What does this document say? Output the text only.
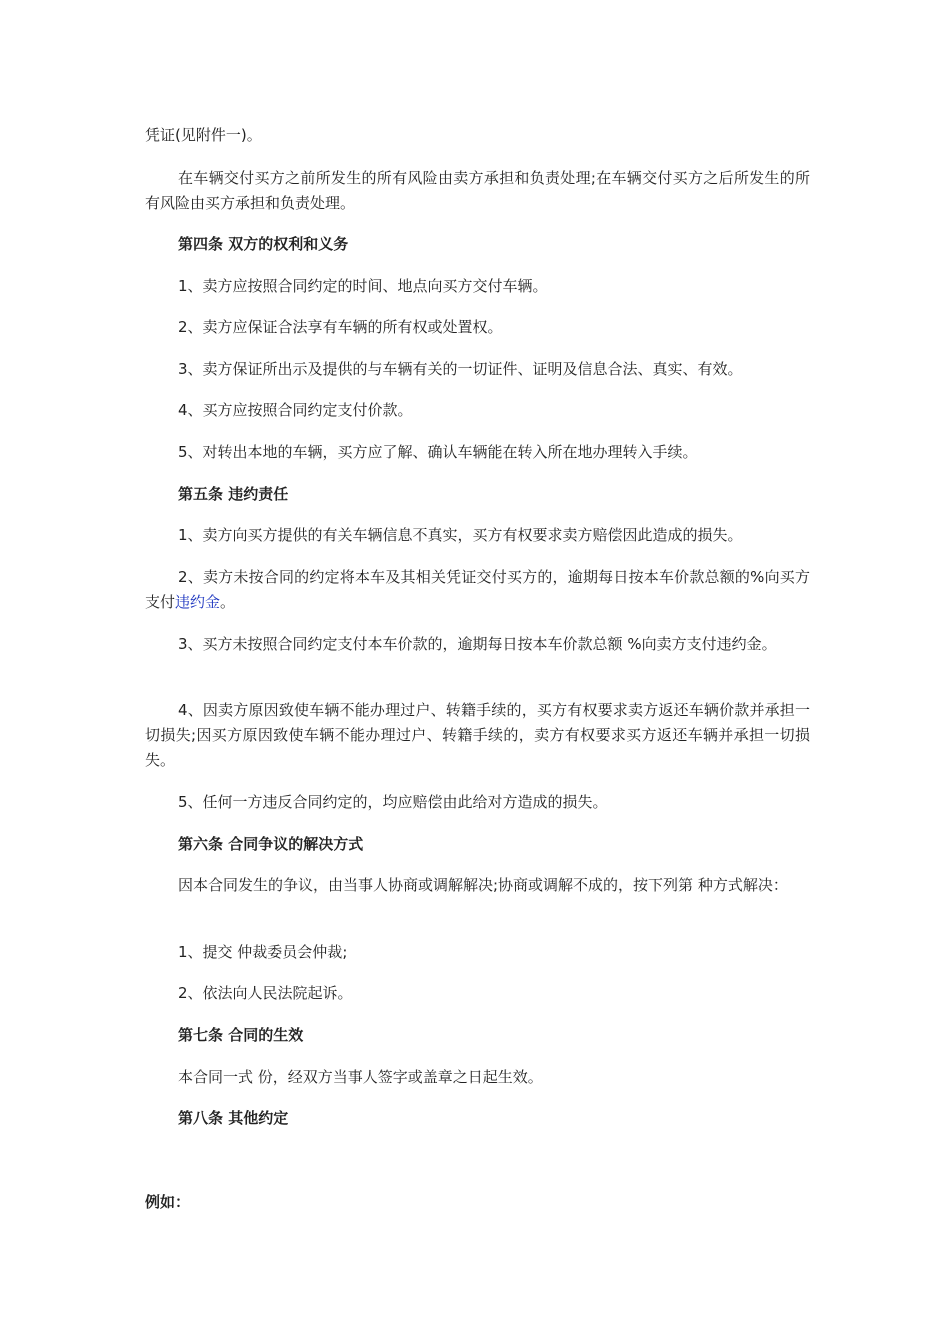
凭证(见附件一)。

在车辆交付买方之前所发生的所有风险由卖方承担和负责处理;在车辆交付买方之后所发生的所有风险由买方承担和负责处理。

第四条 双方的权利和义务

1、卖方应按照合同约定的时间、地点向买方交付车辆。

2、卖方应保证合法享有车辆的所有权或处置权。

3、卖方保证所出示及提供的与车辆有关的一切证件、证明及信息合法、真实、有效。

4、买方应按照合同约定支付价款。

5、对转出本地的车辆，买方应了解、确认车辆能在转入所在地办理转入手续。

第五条 违约责任

1、卖方向买方提供的有关车辆信息不真实，买方有权要求卖方赔偿因此造成的损失。

2、卖方未按合同的约定将本车及其相关凭证交付买方的，逾期每日按本车价款总额的%向买方支付违约金。

3、买方未按照合同约定支付本车价款的，逾期每日按本车价款总额 %向卖方支付违约金。

4、因卖方原因致使车辆不能办理过户、转籍手续的，买方有权要求卖方返还车辆价款并承担一切损失;因买方原因致使车辆不能办理过户、转籍手续的，卖方有权要求买方返还车辆并承担一切损失。

5、任何一方违反合同约定的，均应赔偿由此给对方造成的损失。

第六条 合同争议的解决方式

因本合同发生的争议，由当事人协商或调解解决;协商或调解不成的，按下列第 种方式解决：

1、提交 仲裁委员会仲裁;

2、依法向人民法院起诉。

第七条 合同的生效

本合同一式 份，经双方当事人签字或盖章之日起生效。

第八条 其他约定

例如：
